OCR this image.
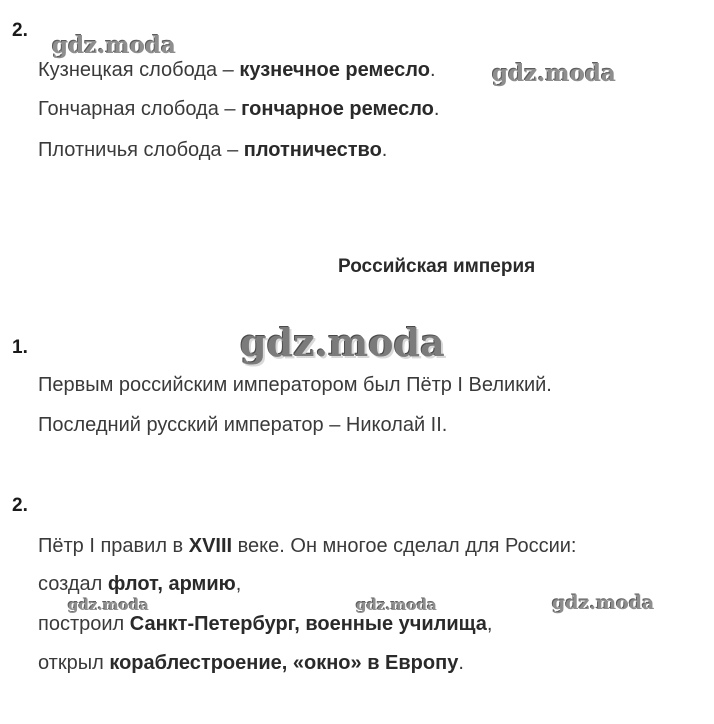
2.
Кузнецкая слобода – кузнечное ремесло.
Гончарная слобода – гончарное ремесло.
Плотничья слобода – плотничество.
Российская империя
1.
Первым российским императором был Пётр I Великий.
Последний русский император – Николай II.
2.
Пётр I правил в XVIII веке. Он многое сделал для России:
создал флот, армию,
построил Санкт-Петербург, военные училища,
открыл кораблестроение, «окно» в Европу.
gdz.moda
gdz.moda
gdz.moda
gdz.moda	gdz.moda	gdz.moda
